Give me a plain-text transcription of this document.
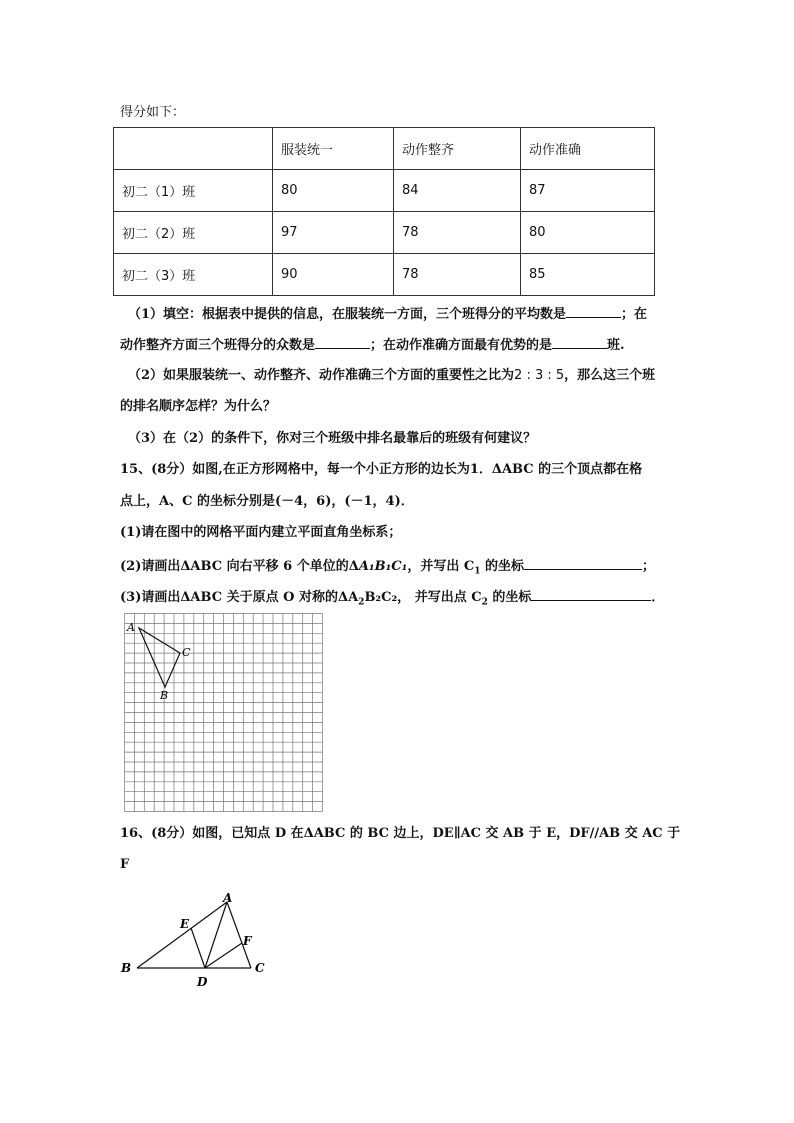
得分如下：
	服装统一	动作整齐	动作准确
初二（1）班	80	84	87
初二（2）班	97	78	80
初二（3）班	90	78	85
（1）填空：根据表中提供的信息，在服装统一方面，三个班得分的平均数是	；在
动作整齐方面三个班得分的众数是	；在动作准确方面最有优势的是	班.
（2）如果服装统一、动作整齐、动作准确三个方面的重要性之比为2 : 3 : 5，那么这三个班
的排名顺序怎样？为什么？
（3）在（2）的条件下，你对三个班级中排名最靠后的班级有何建议？
15、(8分）如图,在正方形网格中，每一个小正方形的边长为1．ΔABC 的三个顶点都在格
点上，A、C 的坐标分别是(－4，6)，(－1，4)．
(1)请在图中的网格平面内建立平面直角坐标系；
(2)请画出ΔABC 向右平移 6 个单位的ΔA₁B₁C₁，并写出 $C_1$ 的坐标	；
(3)请画出ΔABC 关于原点 O 对称的$\Delta A_2B_2C_2$， 并写出点 $C_2$ 的坐标	．
A
C
B
16、(8分）如图，已知点 D 在ΔABC 的 BC 边上，DE∥AC 交 AB 于 E，DF//AB 交 AC 于
F
A
E
F
B	C
D
